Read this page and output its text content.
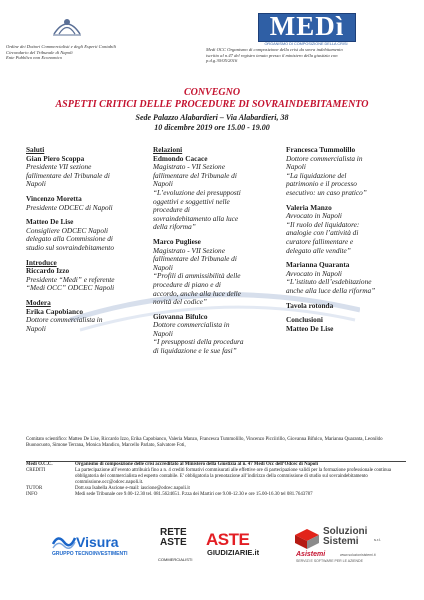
Ordine dei Dottori Commercialisti e degli Esperti Contabili
Circondario del Tribunale di Napoli
Ente Pubblico non Economico
MEDì
ORGANISMO DI COMPOSIZIONE DELLA CRISI
Medi OCC Organismo di composizione della crisi da sovra indebitamento
iscritto al n.47 del registro tenuto presso il ministero della giustizia con
p.d.g.30/05/2016
CONVEGNO
ASPETTI CRITICI DELLE PROCEDURE DI SOVRAINDEBITAMENTO
Sede Palazzo Alabardieri – Via Alabardieri, 38
10 dicembre 2019 ore 15.00 - 19.00
Saluti
Gian Piero Scoppa
Presidente VII sezione
fallimentare del Tribunale di
Napoli
Vincenzo Moretta
Presidente ODCEC di Napoli
Matteo De Lise
Consigliere ODCEC Napoli
delegato alla Commissione di
studio sul sovraindebitamento
Introduce
Riccardo Izzo
Presidente “Medi” e referente
“Medi OCC” ODCEC Napoli
Modera
Erika Capobianco
Dottore commercialista in
Napoli
Relazioni
Edmondo Cacace
Magistrato - VII Sezione
fallimentare del Tribunale di
Napoli
“L’evoluzione dei presupposti
oggettivi e soggettivi nelle
procedure di
sovraindebitamento alla luce
della riforma”
Marco Pugliese
Magistrato - VII Sezione
fallimentare del Tribunale di
Napoli
“Profili di ammissibilità delle
procedure di piano e di
accordo, anche alla luce delle
novità del codice”
Giovanna Bifulco
Dottore commercialista in
Napoli
“I presupposti della procedura
di liquidazione e le sue fasi”
Francesca Tummolillo
Dottore commercialista in
Napoli
“La liquidazione del
patrimonio e il processo
esecutivo: un caso pratico”
Valeria Manzo
Avvocato in Napoli
“Il ruolo del liquidatore:
analogie con l’attività di
curatore fallimentare e
delegato alle vendite”
Marianna Quaranta
Avvocato in Napoli
“L’istituto dell’esdebitazione
anche alla luce della riforma”
Tavola rotonda
Conclusioni
Matteo De Lise
Comitato scientifico: Matteo De Lise, Riccardo Izzo, Erika Capobianco, Valeria Manzo, Francesca Tummolillo, Vincenzo Picciirillo, Giovanna Bifulco, Marianna Quaranta, Leonildo Buonocuoto, Simone Terrana, Monica Mandico, Marcello Parlato, Salvatore Foti,
Medi O.C.C.	Organismo di composizione delle crisi accreditato al Ministero della Giustizia al n. 47 Medi Occ dell’Odcec di Napoli
CREDITI	La partecipazione all’evento attribuirà fino a n. 4 crediti formativi commisurati alle effettive ore di partecipazione validi per la formazione professionale continua obbligatoria del commercialista ed esperto contabile. E’ obbligatoria la prenotazione all’indirizzo della commissione di studio sul sovraindebitamento commissione.occ@odcec.napoli.it.
TUTOR	Dott.ssa Isabella Ascione e-mail: iascione@odcec.napoli.it
INFO	Medi sede Tribunale ore 9.00-12.30 tel. 081.5624651. P.zza dei Martiri ore 9.00-12.30 e ore 15.00-16.30 tel 081.7643787
Visura
GRUPPO TECNOINVESTIMENTI
RETE ASTE
COMMERCIALISTI
ASTE
GIUDIZIARIE.it
Soluzioni
Sistemi	s.r.l.
Asistemi	www.soluzionisistemi.it
SERVIZI E SOFTWARE PER LE AZIENDE
